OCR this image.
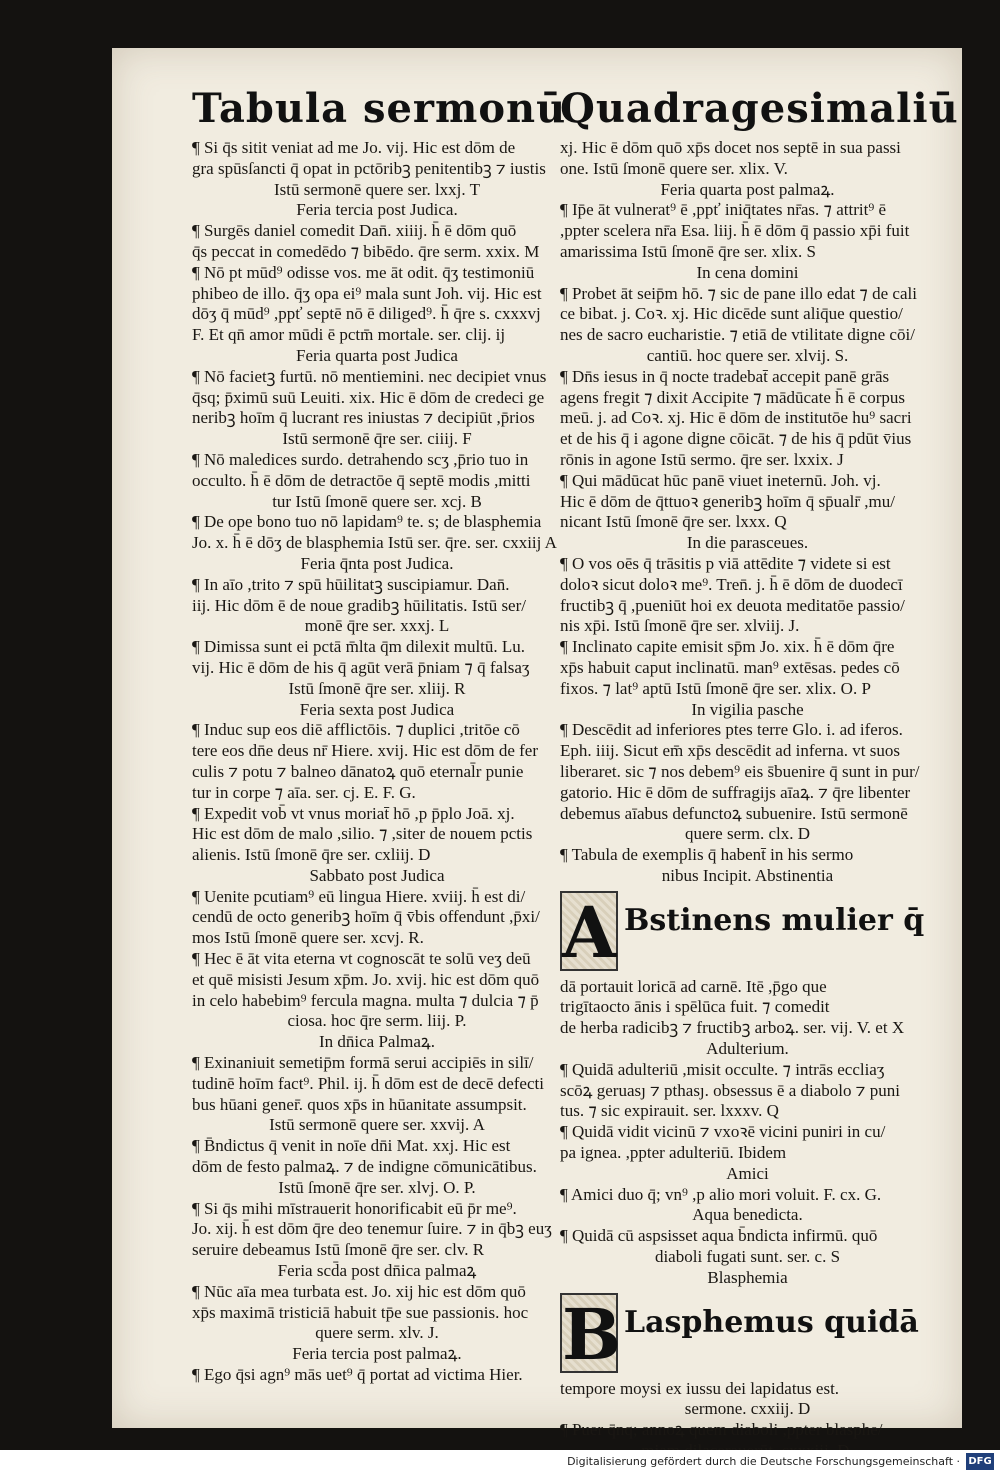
Tabula sermonū
¶ Si q̄s sitit veniat ad me Jo. vij. Hic est dōm de
gra spūsſancti q̄ opat in pctōribꝫ penitentibꝫ ⁊ iustis
Istū sermonē quere ser. lxxj. T
Feria tercia post Judica.
¶ Surgēs daniel comedit Dan̄. xiiij. h̄ ē dōm quō
q̄s peccat in comedēdo ⁊ bibēdo. q̄re serm. xxix. M
¶ Nō pt mūd⁹ odisse vos. me āt odit. q̄ʒ testimoniū
phibeo de illo. q̄ʒ opa ei⁹ mala sunt Joh. vij. Hic est
dōʒ q̄ mūd⁹ ,ppť septē nō ē diliged⁹. h̄ q̄re s. cxxxvj
F. Et qn̄ amor mūdi ē pctm̄ mortale. ser. clij. ij
Feria quarta post Judica
¶ Nō facietꝫ furtū. nō mentiemini. nec decipiet vnus
q̄sq; p̄ximū suū Leuiti. xix. Hic ē dōm de credeci ge
neribꝫ hoīm q̄ lucrant res iniustas ⁊ decipiūt ,p̄rios
Istū sermonē q̄re ser. ciiij. F
¶ Nō maledices surdo. detrahendo scʒ ,p̄rio tuo in
occulto. h̄ ē dōm de detractōe q̄ septē modis ,mitti
tur Istū ſmonē quere ser. xcj. B
¶ De ope bono tuo nō lapidam⁹ te. s; de blasphemia
Jo. x. h̄ ē dōʒ de blasphemia Istū ser. q̄re. ser. cxxiij A
Feria q̄nta post Judica.
¶ In aīo ,trito ⁊ spū hūilitatꝫ suscipiamur. Dan̄.
iij. Hic dōm ē de noue gradibꝫ hūilitatis. Istū ser/
monē q̄re ser. xxxj. L
¶ Dimissa sunt ei pctā m̄lta q̄m dilexit multū. Lu.
vij. Hic ē dōm de his q̄ agūt verā p̄niam ⁊ q̄ falsaʒ
Istū ſmonē q̄re ser. xliij. R
Feria sexta post Judica
¶ Induc sup eos diē afflictōis. ⁊ duplici ,tritōe cō
tere eos dn̄e deus nr̄ Hiere. xvij. Hic est dōm de fer
culis ⁊ potu ⁊ balneo dānatoꝝ quō eternal̄r punie
tur in corpe ⁊ aīa. ser. cj. E. F. G.
¶ Expedit vob̄ vt vnus moriat̄ hō ,p p̄plo Joā. xj.
Hic est dōm de malo ,silio. ⁊ ,siter de nouem pctis
alienis. Istū ſmonē q̄re ser. cxliij. D
Sabbato post Judica
¶ Uenite pcutiam⁹ eū lingua Hiere. xviij. h̄ est di/
cendū de octo generibꝫ hoīm q̄ v̄bis offendunt ,p̄xi/
mos Istū ſmonē quere ser. xcvj. R.
¶ Hec ē āt vita eterna vt cognoscāt te solū veʒ deū
et quē misisti Jesum xp̄m. Jo. xvij. hic est dōm quō
in celo habebim⁹ fercula magna. multa ⁊ dulcia ⁊ p̄
ciosa. hoc q̄re serm. liij. P.
In dn̄ica Palmaꝝ.
¶ Exinaniuit semetip̄m formā serui accipiēs in silī/
tudinē hoīm fact⁹. Phil. ij. h̄ dōm est de decē defecti
bus hūani gener̄. quos xp̄s in hūanitate assumpsit.
Istū sermonē quere ser. xxvij. A
¶ B̄ndictus q̄ venit in noīe dn̄i Mat. xxj. Hic est
dōm de festo palmaꝝ. ⁊ de indigne cōmunicātibus.
Istū ſmonē q̄re ser. xlvj. O. P.
¶ Si q̄s mihi mīstrauerit honorificabit eū p̄r me⁹.
Jo. xij. h̄ est dōm q̄re deo tenemur ſuire. ⁊ in q̄bꝫ euʒ
seruire debeamus Istū ſmonē q̄re ser. clv. R
Feria scd̄a post dn̄ica palmaꝝ
¶ Nūc aīa mea turbata est. Jo. xij hic est dōm quō
xp̄s maximā tristiciā habuit tp̄e sue passionis. hoc
quere serm. xlv. J.
Feria tercia post palmaꝝ.
¶ Ego q̄si agn⁹ mās uet⁹ q̄ portat ad victima Hier.
Quadragesimaliū
xj. Hic ē dōm quō xp̄s docet nos septē in sua passi
one. Istū ſmonē quere ser. xlix. V.
Feria quarta post palmaꝝ.
¶ Ip̄e āt vulnerat⁹ ē ,ppť iniq̄tates nr̄as. ⁊ attrit⁹ ē
,ppter scelera nr̄a Esa. liij. h̄ ē dōm q̄ passio xp̄i fuit
amarissima Istū ſmonē q̄re ser. xlix. S
In cena domini
¶ Probet āt seip̄m hō. ⁊ sic de pane illo edat ⁊ de cali
ce bibat. j. Coꝛ. xj. Hic dicēde sunt aliq̄ue questio/
nes de sacro eucharistie. ⁊ etiā de vtilitate digne cōi/
cantiū. hoc quere ser. xlvij. S.
¶ Dn̄s iesus in q̄ nocte tradebat̄ accepit panē grās
agens fregit ⁊ dixit Accipite ⁊ mādūcate h̄ ē corpus
meū. j. ad Coꝛ. xj. Hic ē dōm de institutōe hu⁹ sacri
et de his q̄ i agone digne cōicāt. ⁊ de his q̄ pdūt v̄ius
rōnis in agone Istū sermo. q̄re ser. lxxix. J
¶ Qui mādūcat hūc panē viuet ineternū. Joh. vj.
Hic ē dōm de q̄ttuoꝛ generibꝫ hoīm q̄ sp̄ualr̄ ,mu/
nicant Istū ſmonē q̄re ser. lxxx. Q
In die parasceues.
¶ O vos oēs q̄ trāsitis p viā attēdite ⁊ videte si est
doloꝛ sicut doloꝛ me⁹. Tren̄. j. h̄ ē dōm de duodecī
fructibꝫ q̄ ,pueniūt hoi ex deuota meditatōe passio/
nis xp̄i. Istū ſmonē q̄re ser. xlviij. J.
¶ Inclinato capite emisit sp̄m Jo. xix. h̄ ē dōm q̄re
xp̄s habuit caput inclinatū. man⁹ extēsas. pedes cō
fixos. ⁊ lat⁹ aptū Istū ſmonē q̄re ser. xlix. O. P
In vigilia pasche
¶ Descēdit ad inferiores ptes terre Glo. i. ad iferos.
Eph. iiij. Sicut em̄ xp̄s descēdit ad inferna. vt suos
liberaret. sic ⁊ nos debem⁹ eis s̄buenire q̄ sunt in pur/
gatorio. Hic ē dōm de suffragijs aīaꝝ. ⁊ q̄re libenter
debemus aīabus defunctoꝝ subuenire. Istū sermonē
quere serm. clx. D
¶ Tabula de exemplis q̄ habent̄ in his sermo
nibus Incipit. Abstinentia
A Bstinens mulier q̄
dā portauit loricā ad carnē. Itē ,p̄go que
trigītaocto ānis i spēlūca fuit. ⁊ comedit
de herba radicibꝫ ⁊ fructibꝫ arboꝝ. ser. vij. V. et X
Adulterium.
¶ Quidā adulteriū ,misit occulte. ⁊ intrās eccliaʒ
scōꝝ geruasȷ ⁊ pthasȷ. obsessus ē a diabolo ⁊ puni
tus. ⁊ sic expirauit. ser. lxxxv. Q
¶ Quidā vidit vicinū ⁊ vxoꝛē vicini puniri in cu/
pa ignea. ,ppter adulteriū. Ibidem
Amici
¶ Amici duo q̄; vn⁹ ,p alio mori voluit. F. cx. G.
Aqua benedicta.
¶ Quidā cū aspsisset aqua b̄ndicta infirmū. quō
diaboli fugati sunt. ser. c. S
Blasphemia
B Lasphemus quidā
tempore moysi ex iussu dei lapidatus est.
sermone. cxxiij. D
¶ Puer q̄nq; annoꝝ quem diaboli ,ppter blasphe/
Digitalisierung gefördert durch die Deutsche Forschungsgemeinschaft · DFG
